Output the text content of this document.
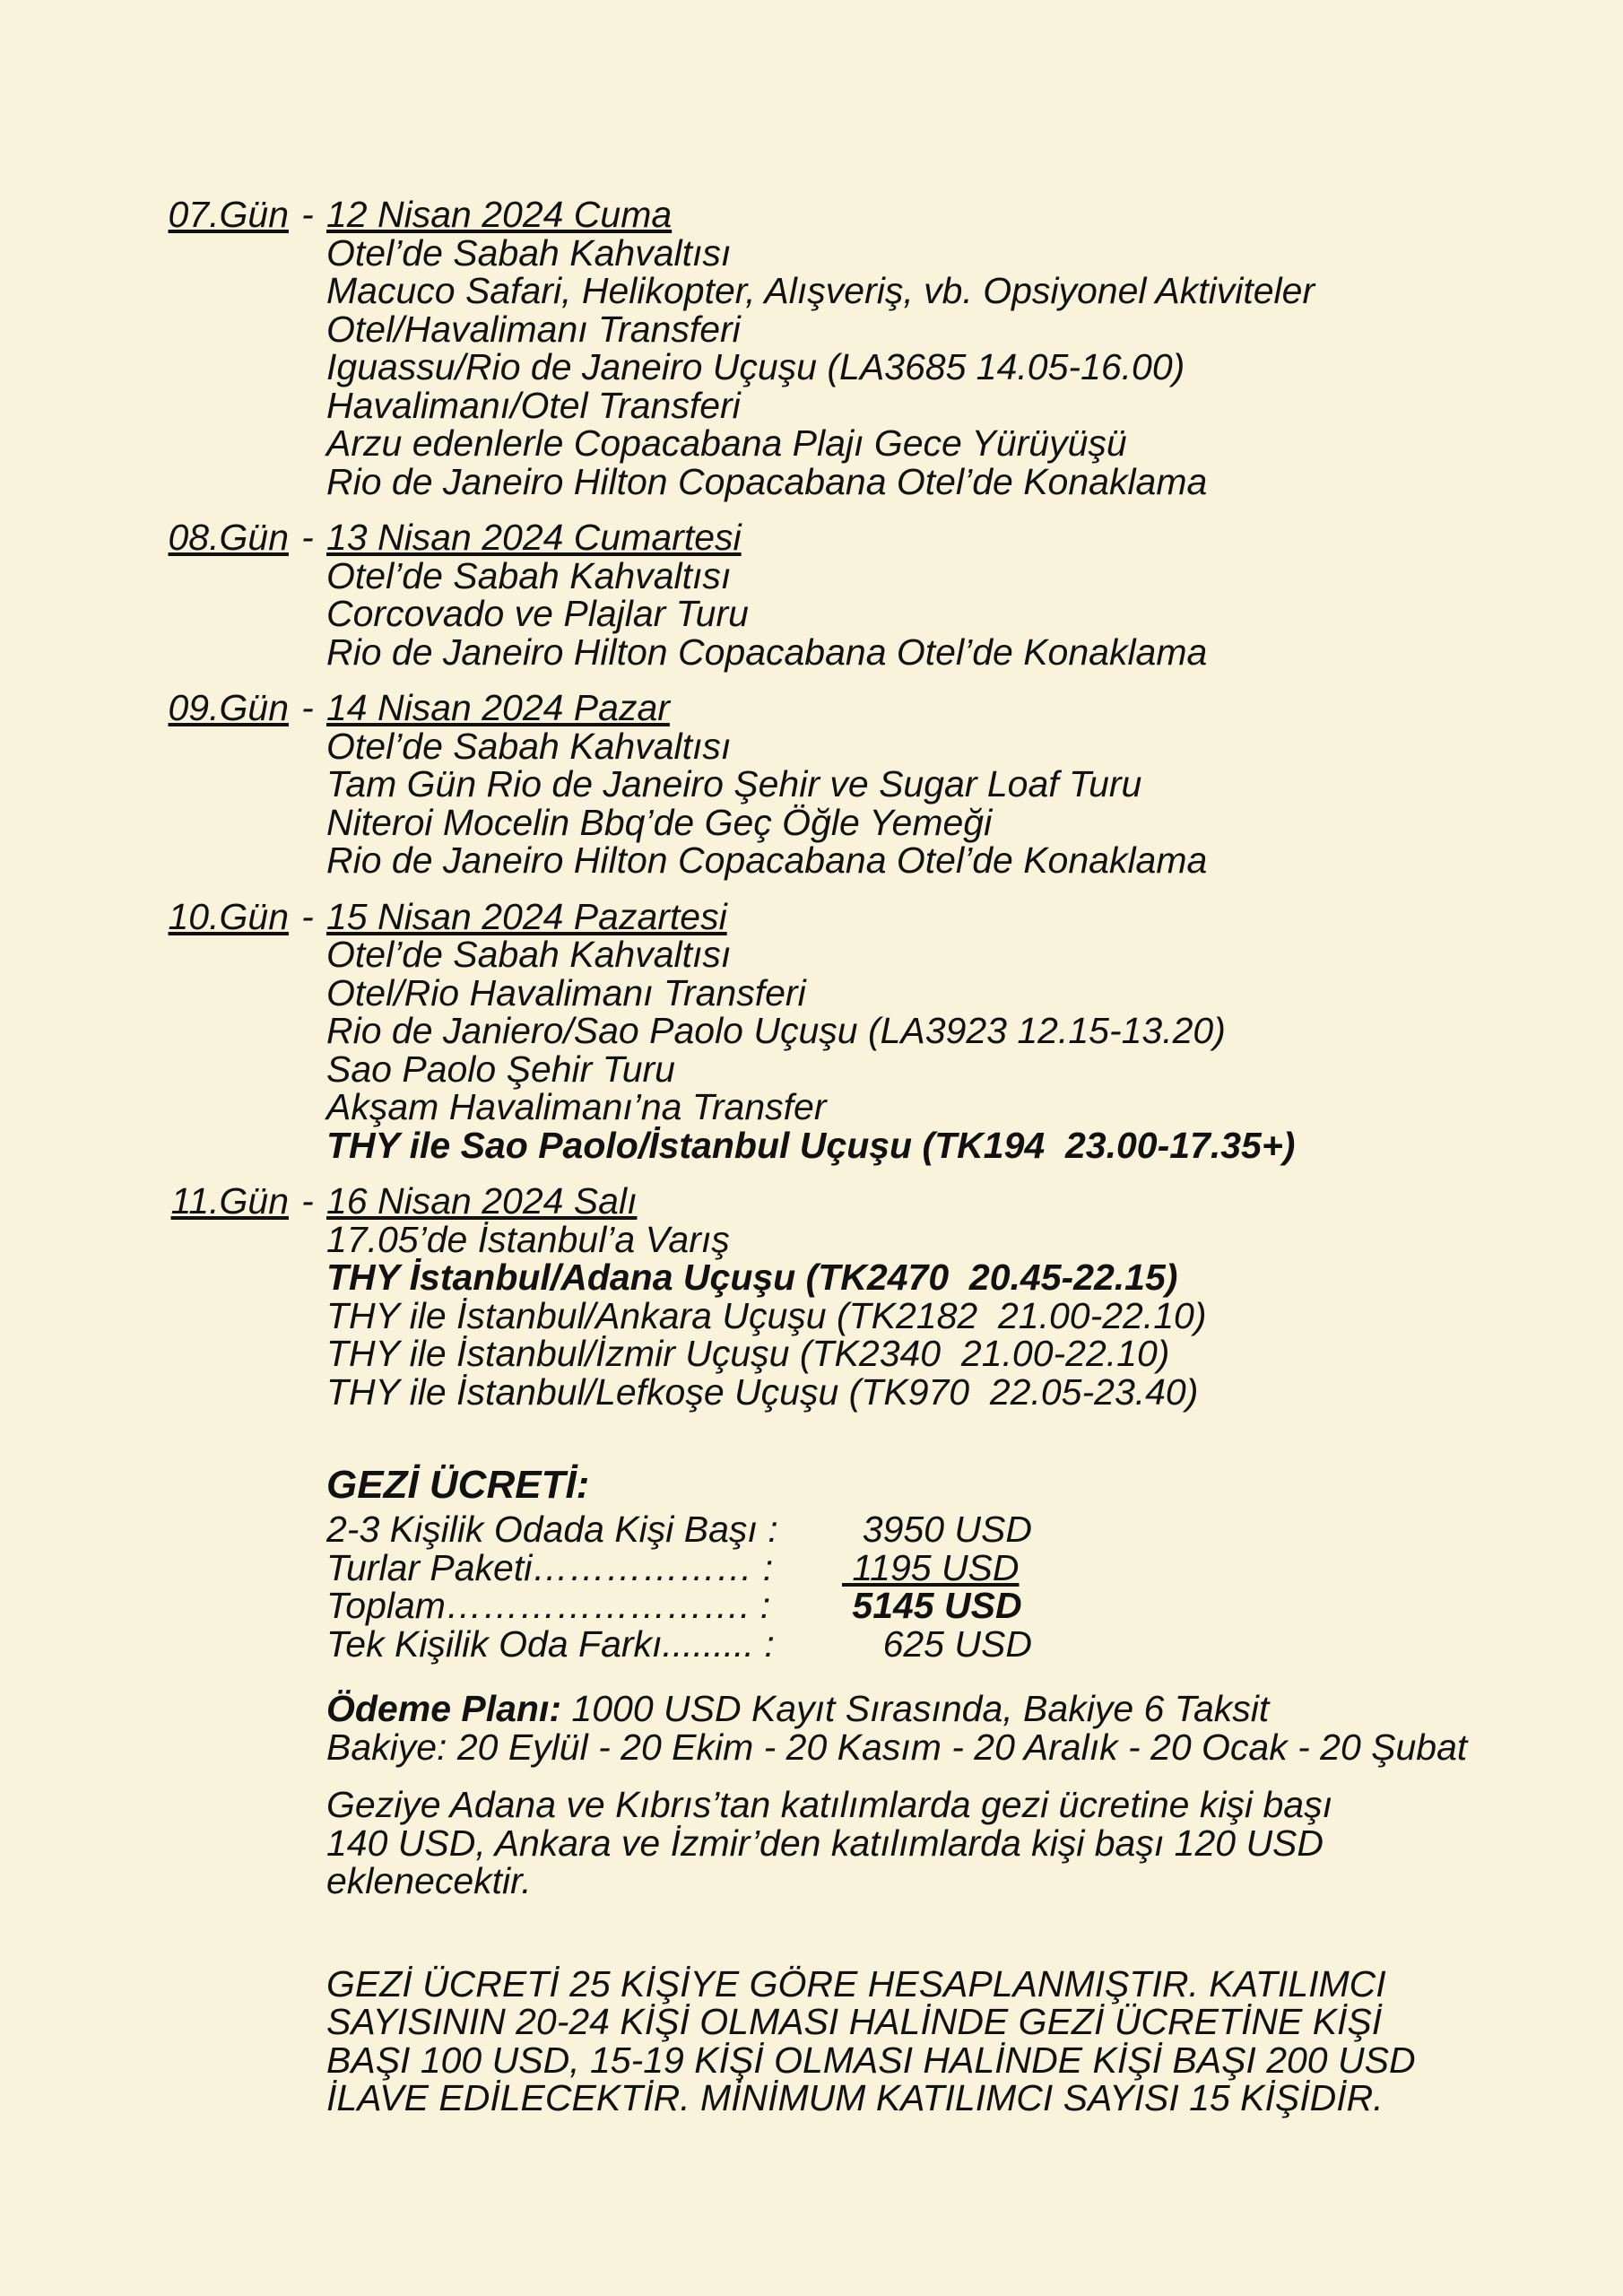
07.Gün - 12 Nisan 2024 Cuma
Otel’de Sabah Kahvaltısı
Macuco Safari, Helikopter, Alışveriş, vb. Opsiyonel Aktiviteler
Otel/Havalimanı Transferi
Iguassu/Rio de Janeiro Uçuşu (LA3685 14.05-16.00)
Havalimanı/Otel Transferi
Arzu edenlerle Copacabana Plajı Gece Yürüyüşü
Rio de Janeiro Hilton Copacabana Otel’de Konaklama
08.Gün - 13 Nisan 2024 Cumartesi
Otel’de Sabah Kahvaltısı
Corcovado ve Plajlar Turu
Rio de Janeiro Hilton Copacabana Otel’de Konaklama
09.Gün - 14 Nisan 2024 Pazar
Otel’de Sabah Kahvaltısı
Tam Gün Rio de Janeiro Şehir ve Sugar Loaf Turu
Niteroi Mocelin Bbq’de Geç Öğle Yemeği
Rio de Janeiro Hilton Copacabana Otel’de Konaklama
10.Gün - 15 Nisan 2024 Pazartesi
Otel’de Sabah Kahvaltısı
Otel/Rio Havalimanı Transferi
Rio de Janiero/Sao Paolo Uçuşu (LA3923 12.15-13.20)
Sao Paolo Şehir Turu
Akşam Havalimanı’na Transfer
THY ile Sao Paolo/İstanbul Uçuşu (TK194  23.00-17.35+)
11.Gün - 16 Nisan 2024 Salı
17.05’de İstanbul’a Varış
THY İstanbul/Adana Uçuşu (TK2470  20.45-22.15)
THY ile İstanbul/Ankara Uçuşu (TK2182  21.00-22.10)
THY ile İstanbul/İzmir Uçuşu (TK2340  21.00-22.10)
THY ile İstanbul/Lefkoşe Uçuşu (TK970  22.05-23.40)
GEZİ ÜCRETİ:
2-3 Kişilik Odada Kişi Başı :	3950 USD
Turlar Paketi……………… :	1195 USD
Toplam……………………. :	5145 USD
Tek Kişilik Oda Farkı......... :	625 USD
Ödeme Planı: 1000 USD Kayıt Sırasında, Bakiye 6 Taksit
Bakiye: 20 Eylül - 20 Ekim - 20 Kasım - 20 Aralık - 20 Ocak - 20 Şubat
Geziye Adana ve Kıbrıs’tan katılımlarda gezi ücretine kişi başı
140 USD, Ankara ve İzmir’den katılımlarda kişi başı 120 USD
eklenecektir.
GEZİ ÜCRETİ 25 KİŞİYE GÖRE HESAPLANMIŞTIR. KATILIMCI
SAYISININ 20-24 KİŞİ OLMASI HALİNDE GEZİ ÜCRETİNE KİŞİ
BAŞI 100 USD, 15-19 KİŞİ OLMASI HALİNDE KİŞİ BAŞI 200 USD
İLAVE EDİLECEKTİR. MİNİMUM KATILIMCI SAYISI 15 KİŞİDİR.
